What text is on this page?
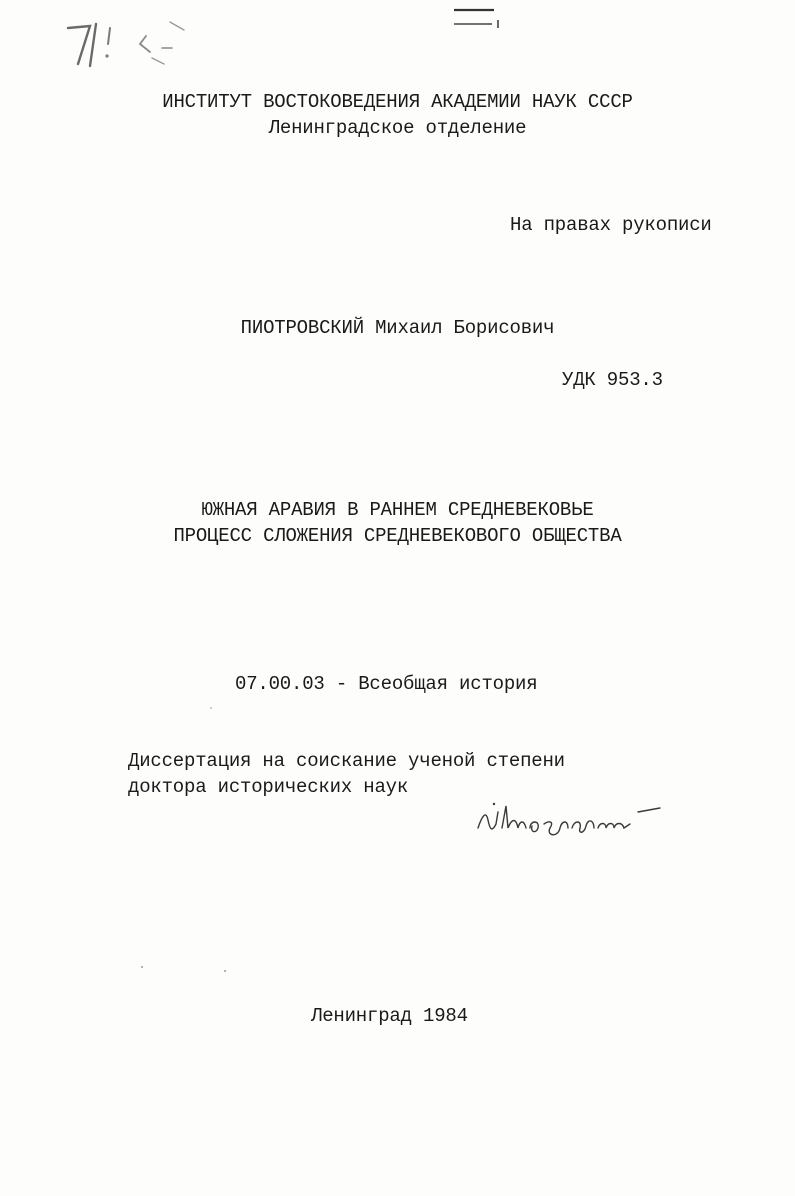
ИНСТИТУТ ВОСТОКОВЕДЕНИЯ АКАДЕМИИ НАУК СССР
Ленинградское отделение
На правах рукописи
ПИОТРОВСКИЙ Михаил Борисович
УДК 953.3
ЮЖНАЯ АРАВИЯ В РАННЕМ СРЕДНЕВЕКОВЬЕ
ПРОЦЕСС СЛОЖЕНИЯ СРЕДНЕВЕКОВОГО ОБЩЕСТВА
07.00.03 - Всеобщая история
Диссертация на соискание ученой степени
доктора исторических наук
Ленинград 1984
